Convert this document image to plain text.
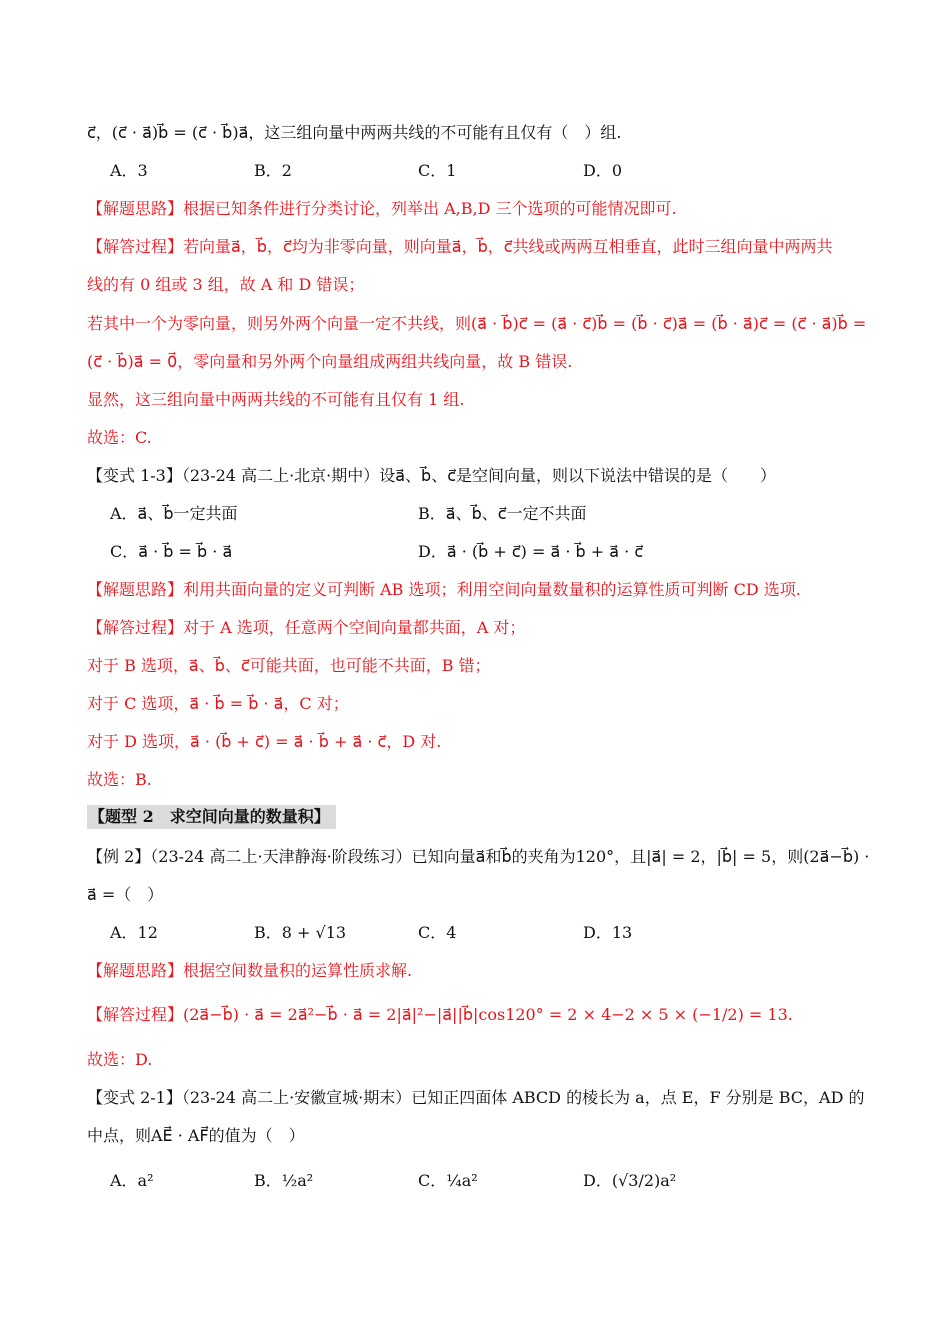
c⃗，(c⃗ · a⃗)b⃗ = (c⃗ · b⃗)a⃗，这三组向量中两两共线的不可能有且仅有（　）组.
A．3	B．2	C．1	D．0
【解题思路】根据已知条件进行分类讨论，列举出 A,B,D 三个选项的可能情况即可.
【解答过程】若向量a⃗，b⃗，c⃗均为非零向量，则向量a⃗，b⃗，c⃗共线或两两互相垂直，此时三组向量中两两共
线的有 0 组或 3 组，故 A 和 D 错误；
若其中一个为零向量，则另外两个向量一定不共线，则(a⃗ · b⃗)c⃗ = (a⃗ · c⃗)b⃗ = (b⃗ · c⃗)a⃗ = (b⃗ · a⃗)c⃗ = (c⃗ · a⃗)b⃗ =
(c⃗ · b⃗)a⃗ = 0⃗，零向量和另外两个向量组成两组共线向量，故 B 错误.
显然，这三组向量中两两共线的不可能有且仅有 1 组.
故选：C.
【变式 1-3】（23-24 高二上·北京·期中）设a⃗、b⃗、c⃗是空间向量，则以下说法中错误的是（　　）
A．a⃗、b⃗一定共面	B．a⃗、b⃗、c⃗一定不共面
C．a⃗ · b⃗ = b⃗ · a⃗	D．a⃗ · (b⃗ + c⃗) = a⃗ · b⃗ + a⃗ · c⃗
【解题思路】利用共面向量的定义可判断 AB 选项；利用空间向量数量积的运算性质可判断 CD 选项.
【解答过程】对于 A 选项，任意两个空间向量都共面，A 对；
对于 B 选项，a⃗、b⃗、c⃗可能共面，也可能不共面，B 错；
对于 C 选项，a⃗ · b⃗ = b⃗ · a⃗，C 对；
对于 D 选项，a⃗ · (b⃗ + c⃗) = a⃗ · b⃗ + a⃗ · c⃗，D 对.
故选：B.
【题型 2　求空间向量的数量积】
【例 2】（23-24 高二上·天津静海·阶段练习）已知向量a⃗和b⃗的夹角为120°，且|a⃗| = 2，|b⃗| = 5，则(2a⃗−b⃗) ·
a⃗ =（　）
A．12	B．8 + √13	C．4	D．13
【解题思路】根据空间数量积的运算性质求解.
【解答过程】(2a⃗−b⃗) · a⃗ = 2a⃗²−b⃗ · a⃗ = 2|a⃗|²−|a⃗||b⃗|cos120° = 2 × 4−2 × 5 × (−1/2) = 13.
故选：D.
【变式 2-1】（23-24 高二上·安徽宣城·期末）已知正四面体 ABCD 的棱长为 a，点 E，F 分别是 BC，AD 的
中点，则AE⃗ · AF⃗的值为（　）
A．a²	B．½a²	C．¼a²	D．(√3/2)a²
